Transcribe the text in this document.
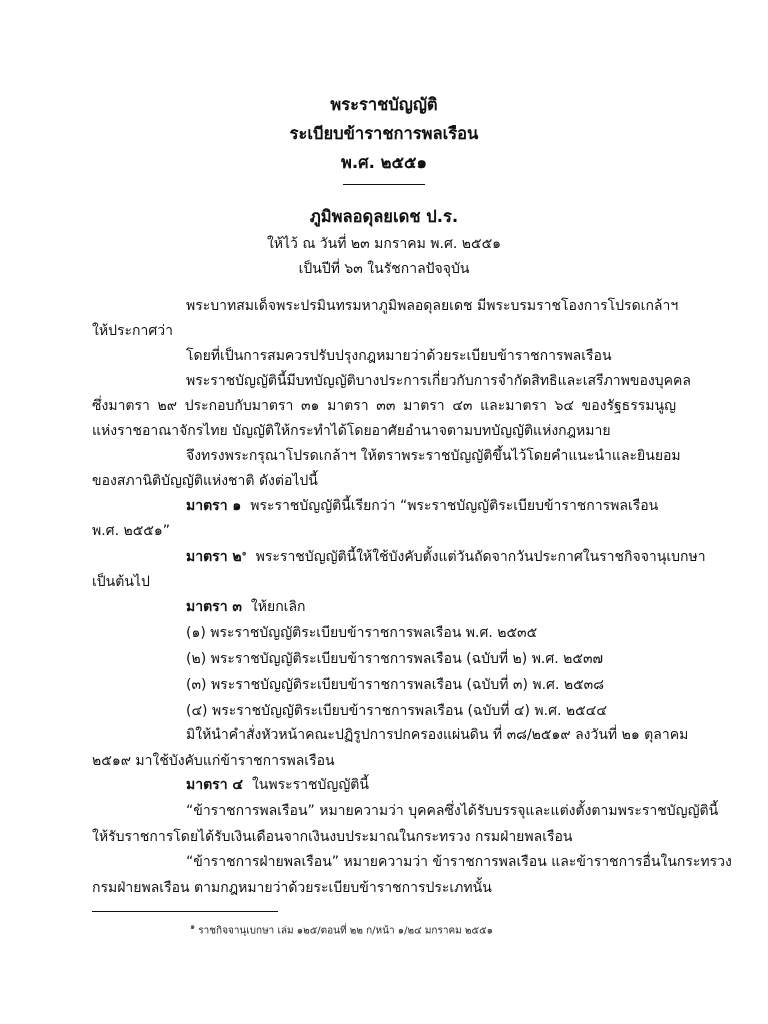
พระราชบัญญัติ
ระเบียบข้าราชการพลเรือน
พ.ศ. ๒๕๕๑
ภูมิพลอดุลยเดช ป.ร.
ให้ไว้ ณ วันที่ ๒๓ มกราคม พ.ศ. ๒๕๕๑
เป็นปีที่ ๖๓ ในรัชกาลปัจจุบัน
พระบาทสมเด็จพระปรมินทรมหาภูมิพลอดุลยเดช มีพระบรมราชโองการโปรดเกล้าฯ
ให้ประกาศว่า
โดยที่เป็นการสมควรปรับปรุงกฎหมายว่าด้วยระเบียบข้าราชการพลเรือน
พระราชบัญญัตินี้มีบทบัญญัติบางประการเกี่ยวกับการจำกัดสิทธิและเสรีภาพของบุคคล
ซึ่งมาตรา ๒๙ ประกอบกับมาตรา ๓๑ มาตรา ๓๓ มาตรา ๔๓ และมาตรา ๖๔ ของรัฐธรรมนูญ
แห่งราชอาณาจักรไทย บัญญัติให้กระทำได้โดยอาศัยอำนาจตามบทบัญญัติแห่งกฎหมาย
จึงทรงพระกรุณาโปรดเกล้าฯ ให้ตราพระราชบัญญัติขึ้นไว้โดยคำแนะนำและยินยอม
ของสภานิติบัญญัติแห่งชาติ ดังต่อไปนี้
มาตรา ๑ พระราชบัญญัตินี้เรียกว่า “พระราชบัญญัติระเบียบข้าราชการพลเรือน
พ.ศ. ๒๕๕๑”
มาตรา ๒$^๑$ พระราชบัญญัตินี้ให้ใช้บังคับตั้งแต่วันถัดจากวันประกาศในราชกิจจานุเบกษา
เป็นต้นไป
มาตรา ๓ ให้ยกเลิก
(๑) พระราชบัญญัติระเบียบข้าราชการพลเรือน พ.ศ. ๒๕๓๕
(๒) พระราชบัญญัติระเบียบข้าราชการพลเรือน (ฉบับที่ ๒) พ.ศ. ๒๕๓๗
(๓) พระราชบัญญัติระเบียบข้าราชการพลเรือน (ฉบับที่ ๓) พ.ศ. ๒๕๓๘
(๔) พระราชบัญญัติระเบียบข้าราชการพลเรือน (ฉบับที่ ๔) พ.ศ. ๒๕๔๔
มิให้นำคำสั่งหัวหน้าคณะปฏิรูปการปกครองแผ่นดิน ที่ ๓๘/๒๕๑๙ ลงวันที่ ๒๑ ตุลาคม
๒๕๑๙ มาใช้บังคับแก่ข้าราชการพลเรือน
มาตรา ๔ ในพระราชบัญญัตินี้
“ข้าราชการพลเรือน” หมายความว่า บุคคลซึ่งได้รับบรรจุและแต่งตั้งตามพระราชบัญญัตินี้
ให้รับราชการโดยได้รับเงินเดือนจากเงินงบประมาณในกระทรวง กรมฝ่ายพลเรือน
“ข้าราชการฝ่ายพลเรือน” หมายความว่า ข้าราชการพลเรือน และข้าราชการอื่นในกระทรวง
กรมฝ่ายพลเรือน ตามกฎหมายว่าด้วยระเบียบข้าราชการประเภทนั้น
$^๑$ ราชกิจจานุเบกษา เล่ม ๑๒๕/ตอนที่ ๒๒ ก/หน้า ๑/๒๔ มกราคม ๒๕๕๑
